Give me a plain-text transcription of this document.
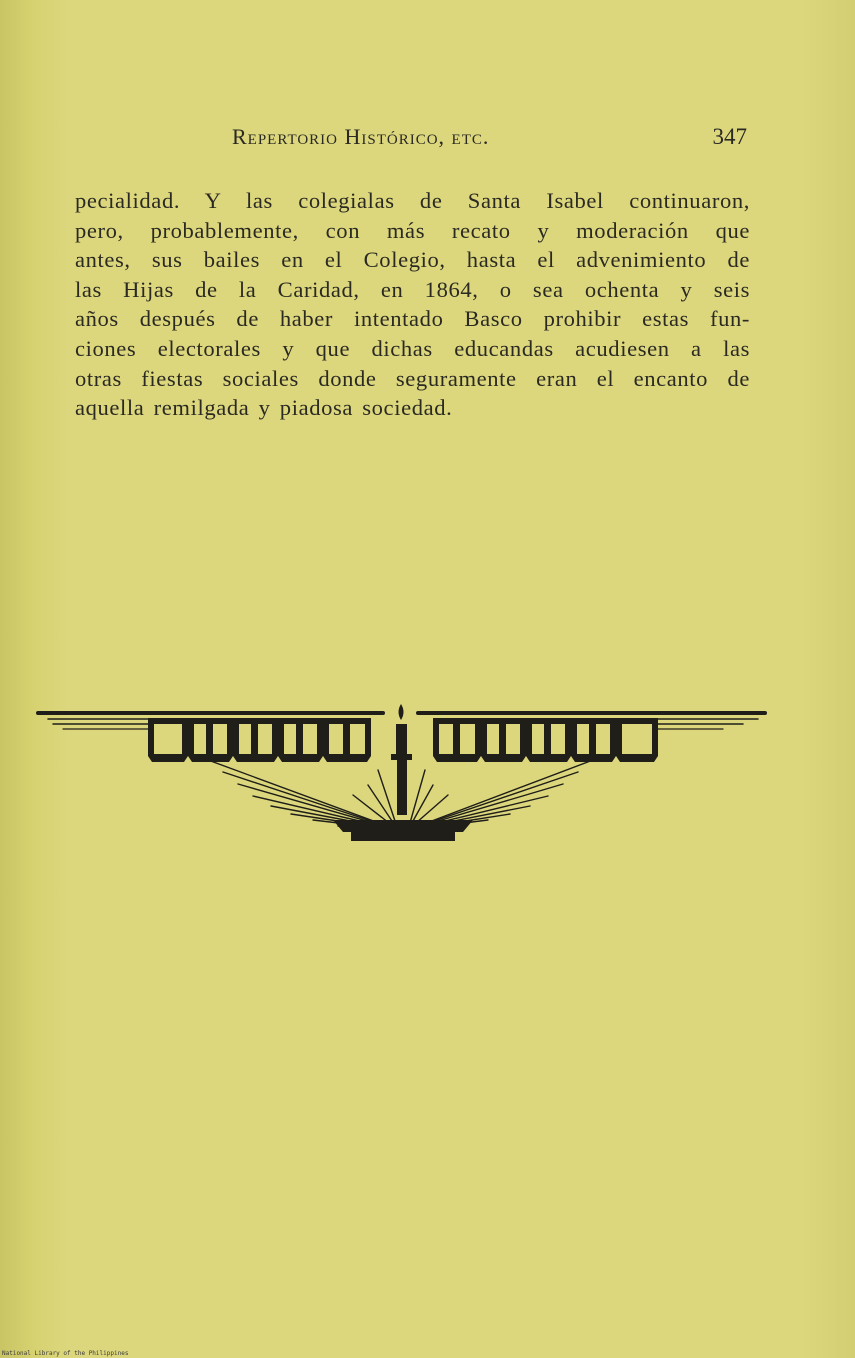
Repertorio Histórico, etc.	347
pecialidad. Y las colegialas de Santa Isabel continuaron,
pero, probablemente, con más recato y moderación que
antes, sus bailes en el Colegio, hasta el advenimiento de
las Hijas de la Caridad, en 1864, o sea ochenta y seis
años después de haber intentado Basco prohibir estas fun-
ciones electorales y que dichas educandas acudiesen a las
otras fiestas sociales donde seguramente eran el encanto de
aquella remilgada y piadosa sociedad.
National Library of the Philippines
